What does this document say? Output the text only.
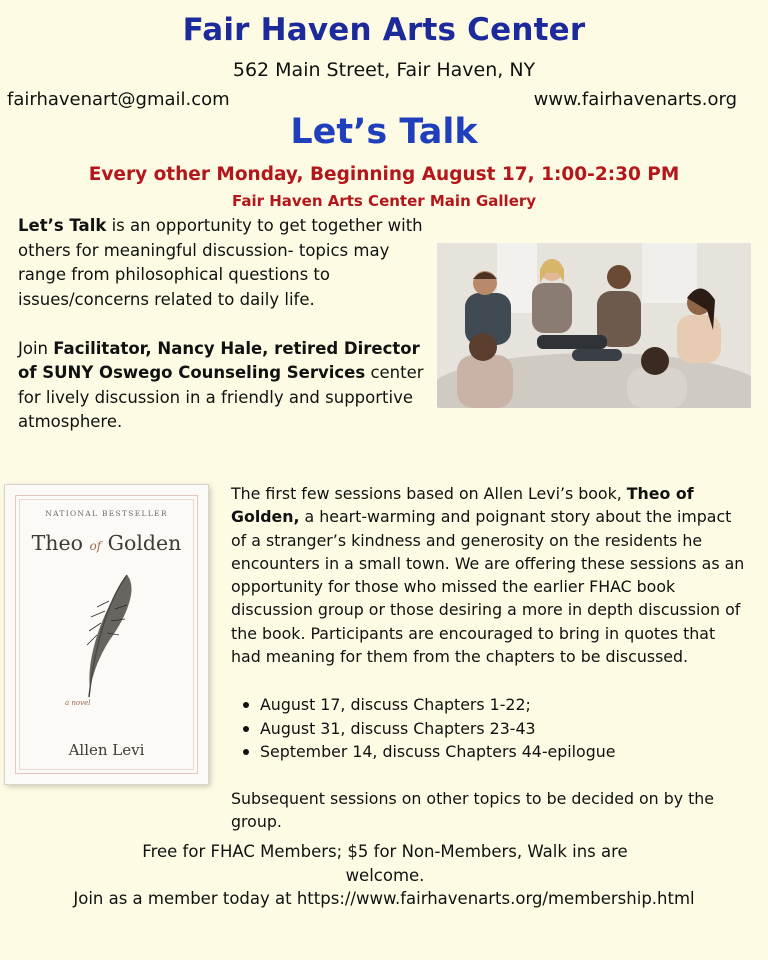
Fair Haven Arts Center
562 Main Street, Fair Haven, NY
fairhavenart@gmail.com	www.fairhavenarts.org
Let’s Talk
Every other Monday, Beginning August 17, 1:00-2:30 PM
Fair Haven Arts Center Main Gallery

Let’s Talk is an opportunity to get together with others for meaningful discussion- topics may range from philosophical questions to issues/concerns related to daily life.

Join Facilitator, Nancy Hale, retired Director of SUNY Oswego Counseling Services center for lively discussion in a friendly and supportive atmosphere.

NATIONAL BESTSELLER
Theo of Golden
a novel
Allen Levi

The first few sessions based on Allen Levi’s book, Theo of Golden, a heart-warming and poignant story about the impact of a stranger’s kindness and generosity on the residents he encounters in a small town. We are offering these sessions as an opportunity for those who missed the earlier FHAC book discussion group or those desiring a more in depth discussion of the book. Participants are encouraged to bring in quotes that had meaning for them from the chapters to be discussed.

August 17, discuss Chapters 1-22;
August 31, discuss Chapters 23-43
September 14, discuss Chapters 44-epilogue
Subsequent sessions on other topics to be decided on by the group.
Free for FHAC Members; $5 for Non-Members, Walk ins are welcome.
Join as a member today at https://www.fairhavenarts.org/membership.html
